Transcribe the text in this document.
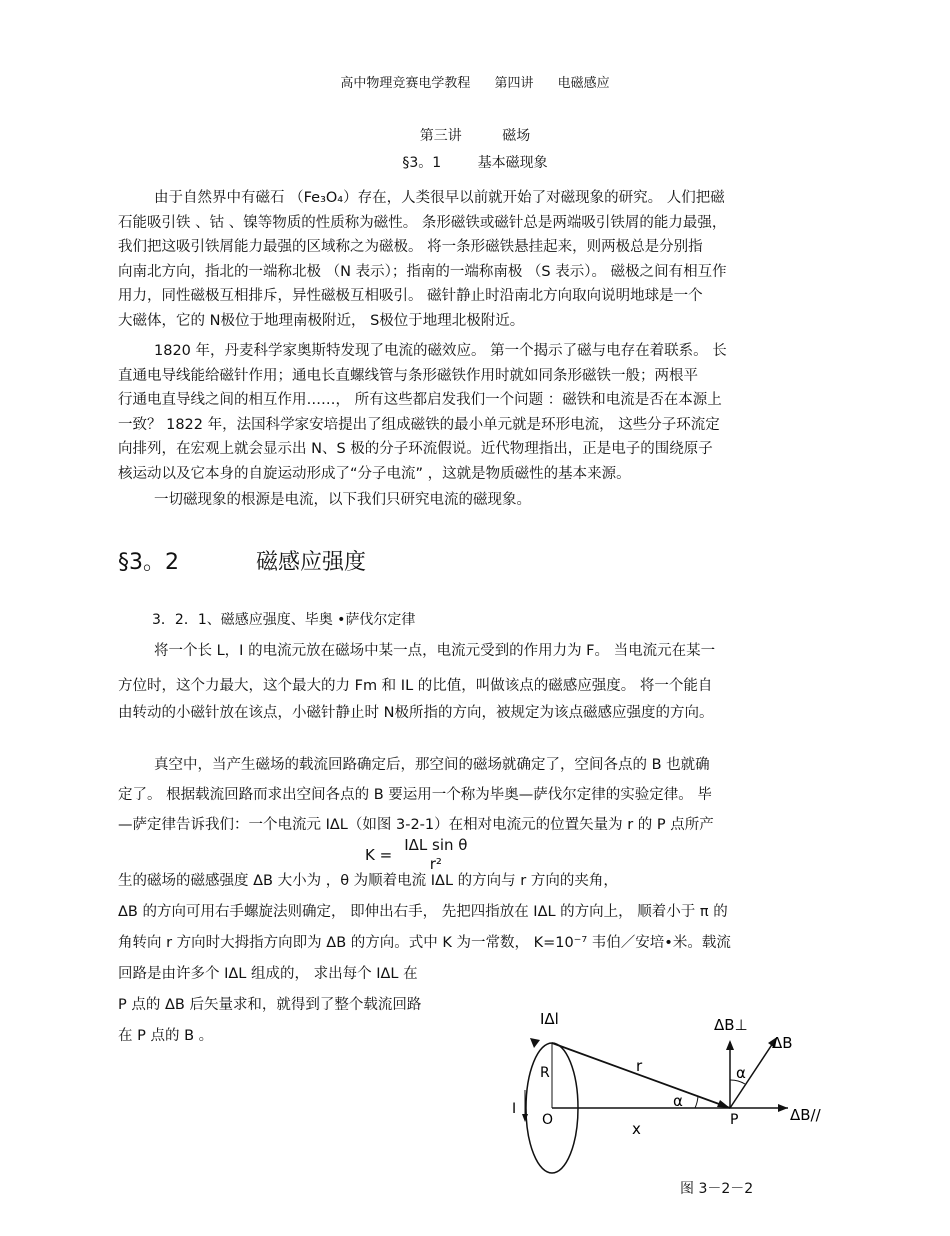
高中物理竞赛电学教程 第四讲 电磁感应
第三讲	磁场
§3。1	基本磁现象

由于自然界中有磁石 （Fe₃O₄）存在，人类很早以前就开始了对磁现象的研究。 人们把磁

石能吸引铁 、钴 、镍等物质的性质称为磁性。 条形磁铁或磁针总是两端吸引铁屑的能力最强，

我们把这吸引铁屑能力最强的区域称之为磁极。 将一条形磁铁悬挂起来，则两极总是分别指

向南北方向，指北的一端称北极 （N 表示）；指南的一端称南极 （S 表示）。 磁极之间有相互作

用力，同性磁极互相排斥，异性磁极互相吸引。 磁针静止时沿南北方向取向说明地球是一个

大磁体，它的 N极位于地理南极附近， S极位于地理北极附近。

1820 年，丹麦科学家奥斯特发现了电流的磁效应。 第一个揭示了磁与电存在着联系。 长

直通电导线能给磁针作用；通电长直螺线管与条形磁铁作用时就如同条形磁铁一般；两根平

行通电直导线之间的相互作用……， 所有这些都启发我们一个问题 ：磁铁和电流是否在本源上

一致？ 1822 年，法国科学家安培提出了组成磁铁的最小单元就是环形电流， 这些分子环流定

向排列，在宏观上就会显示出 N、S 极的分子环流假说。近代物理指出，正是电子的围绕原子

核运动以及它本身的自旋运动形成了“分子电流” ，这就是物质磁性的基本来源。

一切磁现象的根源是电流，以下我们只研究电流的磁现象。

§3。2	磁感应强度
3．2．1、磁感应强度、毕奥 •萨伐尔定律

将一个长 L，I 的电流元放在磁场中某一点，电流元受到的作用力为 F。 当电流元在某一

方位时，这个力最大，这个最大的力 Fm 和 IL 的比值，叫做该点的磁感应强度。 将一个能自

由转动的小磁针放在该点，小磁针静止时 N极所指的方向，被规定为该点磁感应强度的方向。

真空中，当产生磁场的载流回路确定后，那空间的磁场就确定了，空间各点的 B 也就确

定了。 根据载流回路而求出空间各点的 B 要运用一个称为毕奥—萨伐尔定律的实验定律。 毕

—萨定律告诉我们：一个电流元 IΔL（如图 3-2-1）在相对电流元的位置矢量为 r 的 P 点所产

K =	IΔL sin θ
r²

生的磁场的磁感强度 ΔB 大小为 ，θ 为顺着电流 IΔL 的方向与 r 方向的夹角，

ΔB 的方向可用右手螺旋法则确定， 即伸出右手， 先把四指放在 IΔL 的方向上， 顺着小于 π 的

角转向 r 方向时大拇指方向即为 ΔB 的方向。式中 K 为一常数， K=10⁻⁷ 韦伯／安培•米。载流

回路是由许多个 IΔL 组成的， 求出每个 IΔL 在

P 点的 ΔB 后矢量求和，就得到了整个载流回路

在 P 点的 B 。

IΔl
R	r
I
O	x	P
α
α
ΔB
ΔB⊥
ΔB//
图 3－2－2
